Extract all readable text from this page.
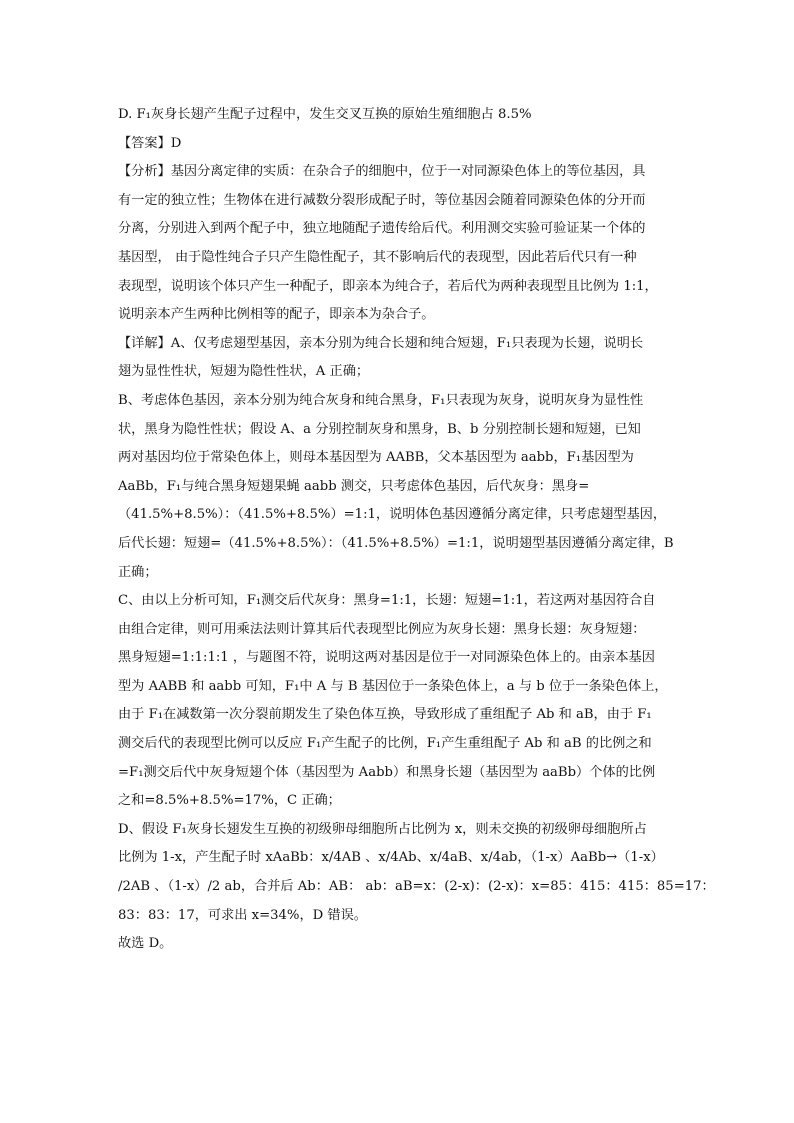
D. F₁灰身长翅产生配子过程中，发生交叉互换的原始生殖细胞占 8.5%
【答案】D
【分析】基因分离定律的实质：在杂合子的细胞中，位于一对同源染色体上的等位基因，具
有一定的独立性；生物体在进行减数分裂形成配子时，等位基因会随着同源染色体的分开而
分离，分别进入到两个配子中，独立地随配子遗传给后代。利用测交实验可验证某一个体的
基因型， 由于隐性纯合子只产生隐性配子，其不影响后代的表现型，因此若后代只有一种
表现型，说明该个体只产生一种配子，即亲本为纯合子，若后代为两种表现型且比例为 1:1，
说明亲本产生两种比例相等的配子，即亲本为杂合子。
【详解】A、仅考虑翅型基因，亲本分别为纯合长翅和纯合短翅，F₁只表现为长翅，说明长
翅为显性性状，短翅为隐性性状，A 正确；
B、考虑体色基因，亲本分别为纯合灰身和纯合黑身，F₁只表现为灰身，说明灰身为显性性
状，黑身为隐性性状；假设 A、a 分别控制灰身和黑身，B、b 分别控制长翅和短翅，已知
两对基因均位于常染色体上，则母本基因型为 AABB，父本基因型为 aabb，F₁基因型为
AaBb，F₁与纯合黑身短翅果蝇 aabb 测交，只考虑体色基因，后代灰身：黑身=
（41.5%+8.5%）：（41.5%+8.5%）=1:1，说明体色基因遵循分离定律，只考虑翅型基因，
后代长翅：短翅=（41.5%+8.5%）：（41.5%+8.5%）=1:1，说明翅型基因遵循分离定律，B
正确；
C、由以上分析可知，F₁测交后代灰身：黑身=1:1，长翅：短翅=1:1，若这两对基因符合自
由组合定律，则可用乘法法则计算其后代表现型比例应为灰身长翅：黑身长翅：灰身短翅：
黑身短翅=1:1:1:1 ，与题图不符，说明这两对基因是位于一对同源染色体上的。由亲本基因
型为 AABB 和 aabb 可知，F₁中 A 与 B 基因位于一条染色体上，a 与 b 位于一条染色体上，
由于 F₁在减数第一次分裂前期发生了染色体互换，导致形成了重组配子 Ab 和 aB，由于 F₁
测交后代的表现型比例可以反应 F₁产生配子的比例，F₁产生重组配子 Ab 和 aB 的比例之和
=F₁测交后代中灰身短翅个体（基因型为 Aabb）和黑身长翅（基因型为 aaBb）个体的比例
之和=8.5%+8.5%=17%，C 正确；
D、假设 F₁灰身长翅发生互换的初级卵母细胞所占比例为 x，则未交换的初级卵母细胞所占
比例为 1-x，产生配子时 xAaBb：x/4AB 、x/4Ab、x/4aB、x/4ab，（1-x）AaBb→（1-x）
/2AB 、（1-x）/2 ab，合并后 Ab：AB： ab：aB=x：(2-x)：(2-x)：x=85：415：415：85=17：
83：83：17，可求出 x=34%，D 错误。
故选 D。
